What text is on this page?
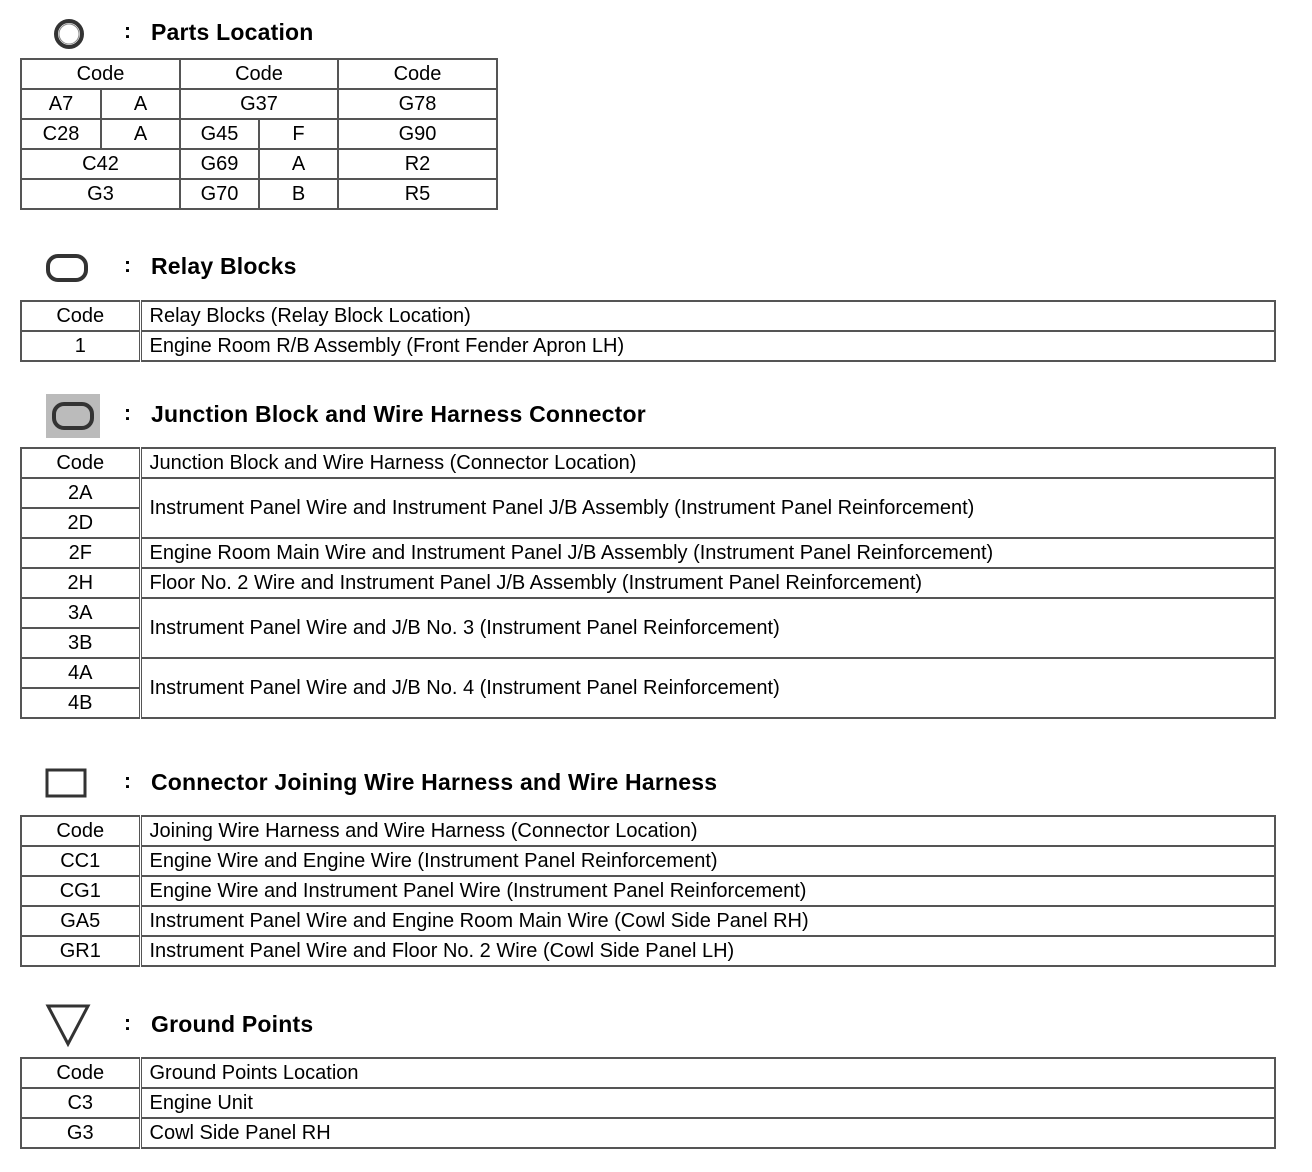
: Parts Location
Code		Code		Code
A7	A	G37		G78
C28	A	G45	F	G90
C42		G69	A	R2
G3		G70	B	R5
: Relay Blocks
Code	Relay Blocks (Relay Block Location)
1	Engine Room R/B Assembly (Front Fender Apron LH)
: Junction Block and Wire Harness Connector
Code	Junction Block and Wire Harness (Connector Location)
2A	Instrument Panel Wire and Instrument Panel J/B Assembly (Instrument Panel Reinforcement)
2D	
2F	Engine Room Main Wire and Instrument Panel J/B Assembly (Instrument Panel Reinforcement)
2H	Floor No. 2 Wire and Instrument Panel J/B Assembly (Instrument Panel Reinforcement)
3A	Instrument Panel Wire and J/B No. 3 (Instrument Panel Reinforcement)
3B	
4A	Instrument Panel Wire and J/B No. 4 (Instrument Panel Reinforcement)
4B	
: Connector Joining Wire Harness and Wire Harness
Code	Joining Wire Harness and Wire Harness (Connector Location)
CC1	Engine Wire and Engine Wire (Instrument Panel Reinforcement)
CG1	Engine Wire and Instrument Panel Wire (Instrument Panel Reinforcement)
GA5	Instrument Panel Wire and Engine Room Main Wire (Cowl Side Panel RH)
GR1	Instrument Panel Wire and Floor No. 2 Wire (Cowl Side Panel LH)
: Ground Points
Code	Ground Points Location
C3	Engine Unit
G3	Cowl Side Panel RH
